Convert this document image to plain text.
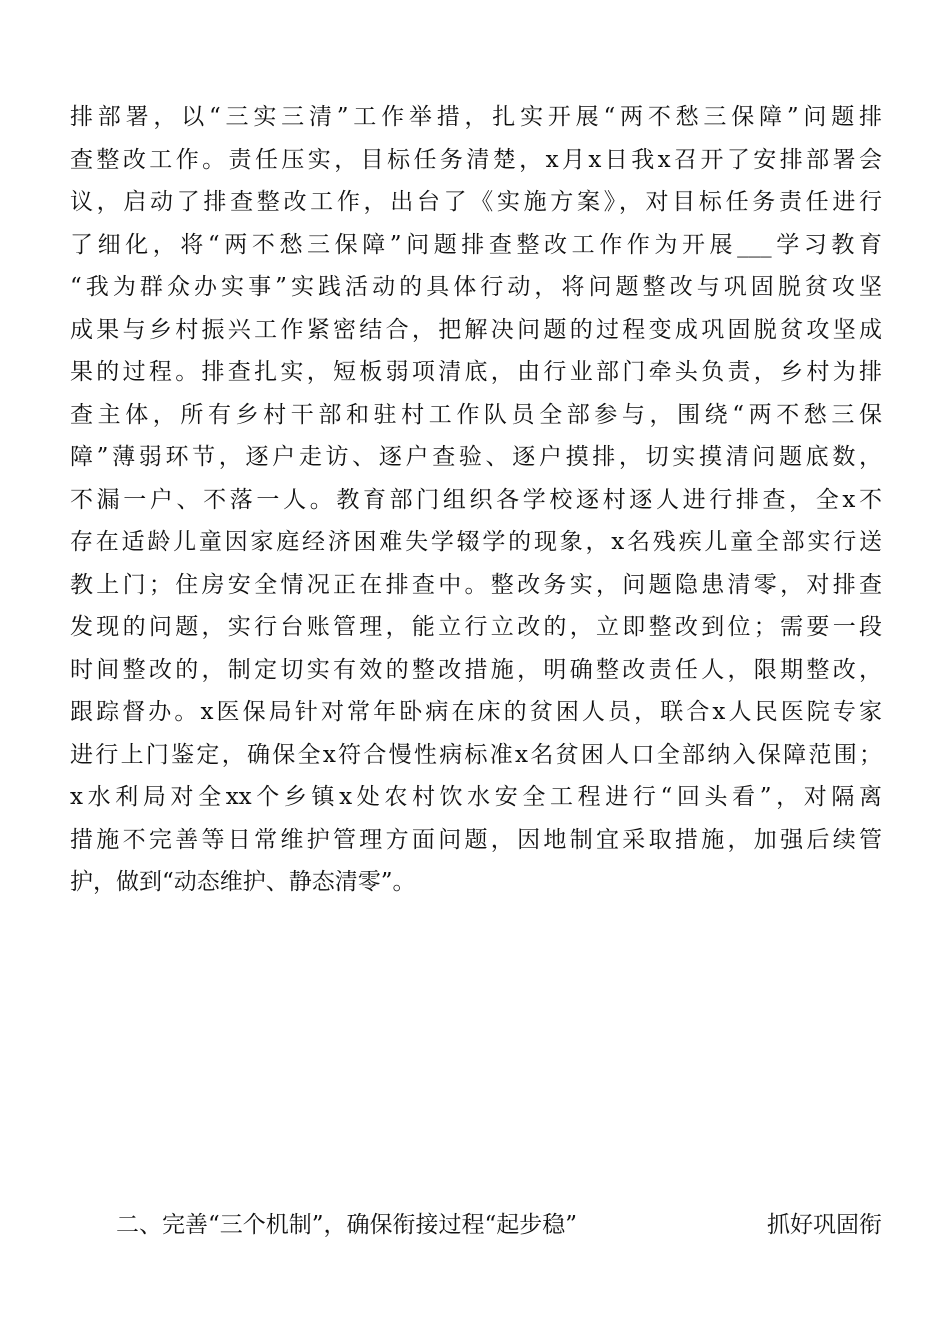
排部署，以“三实三清”工作举措，扎实开展“两不愁三保障”问题排
查整改工作。责任压实，目标任务清楚，x月x日我x召开了安排部署会
议，启动了排查整改工作，出台了《实施方案》，对目标任务责任进行
了细化，将“两不愁三保障”问题排查整改工作作为开展___学习教育
“我为群众办实事”实践活动的具体行动，将问题整改与巩固脱贫攻坚
成果与乡村振兴工作紧密结合，把解决问题的过程变成巩固脱贫攻坚成
果的过程。排查扎实，短板弱项清底，由行业部门牵头负责，乡村为排
查主体，所有乡村干部和驻村工作队员全部参与，围绕“两不愁三保
障”薄弱环节，逐户走访、逐户查验、逐户摸排，切实摸清问题底数，
不漏一户、不落一人。教育部门组织各学校逐村逐人进行排查，全x不
存在适龄儿童因家庭经济困难失学辍学的现象，x名残疾儿童全部实行送
教上门；住房安全情况正在排查中。整改务实，问题隐患清零，对排查
发现的问题，实行台账管理，能立行立改的，立即整改到位；需要一段
时间整改的，制定切实有效的整改措施，明确整改责任人，限期整改，
跟踪督办。x医保局针对常年卧病在床的贫困人员，联合x人民医院专家
进行上门鉴定，确保全x符合慢性病标准x名贫困人口全部纳入保障范围；
x水利局对全xx个乡镇x处农村饮水安全工程进行“回头看”，对隔离
措施不完善等日常维护管理方面问题，因地制宜采取措施，加强后续管
护，做到“动态维护、静态清零”。
二、完善“三个机制”，确保衔接过程“起步稳”	抓好巩固衔
